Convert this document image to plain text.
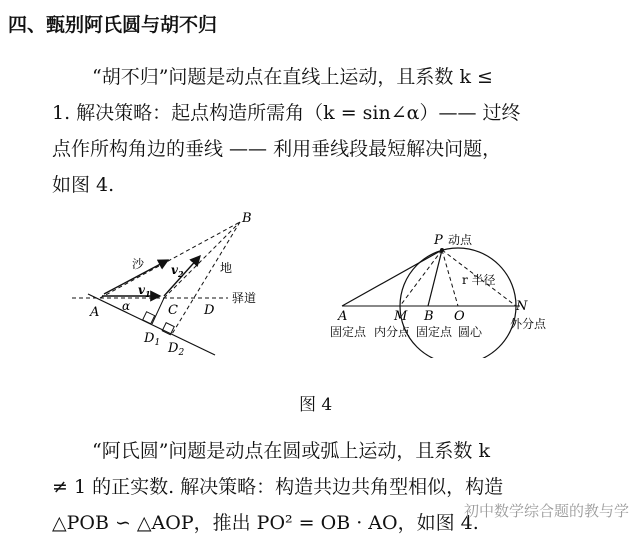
四、甄别阿氏圆与胡不归
“胡不归”问题是动点在直线上运动，且系数 k ≤
1. 解决策略：起点构造所需角（k = sin∠α）—— 过终
点作所构角边的垂线 —— 利用垂线段最短解决问题，
如图 4.
A
B
C D
$D_1$ $D_2$
α
$v_1$
$v_2$
沙	地
驿道
P 动点
r 半径
A	M B O
N
固定点 内分点 固定点 圆心
外分点
图 4
“阿氏圆”问题是动点在圆或弧上运动，且系数 k
≠ 1 的正实数. 解决策略：构造共边共角型相似，构造
△POB ∽ △AOP，推出 PO² = OB · AO，如图 4.
初中数学综合题的教与学
